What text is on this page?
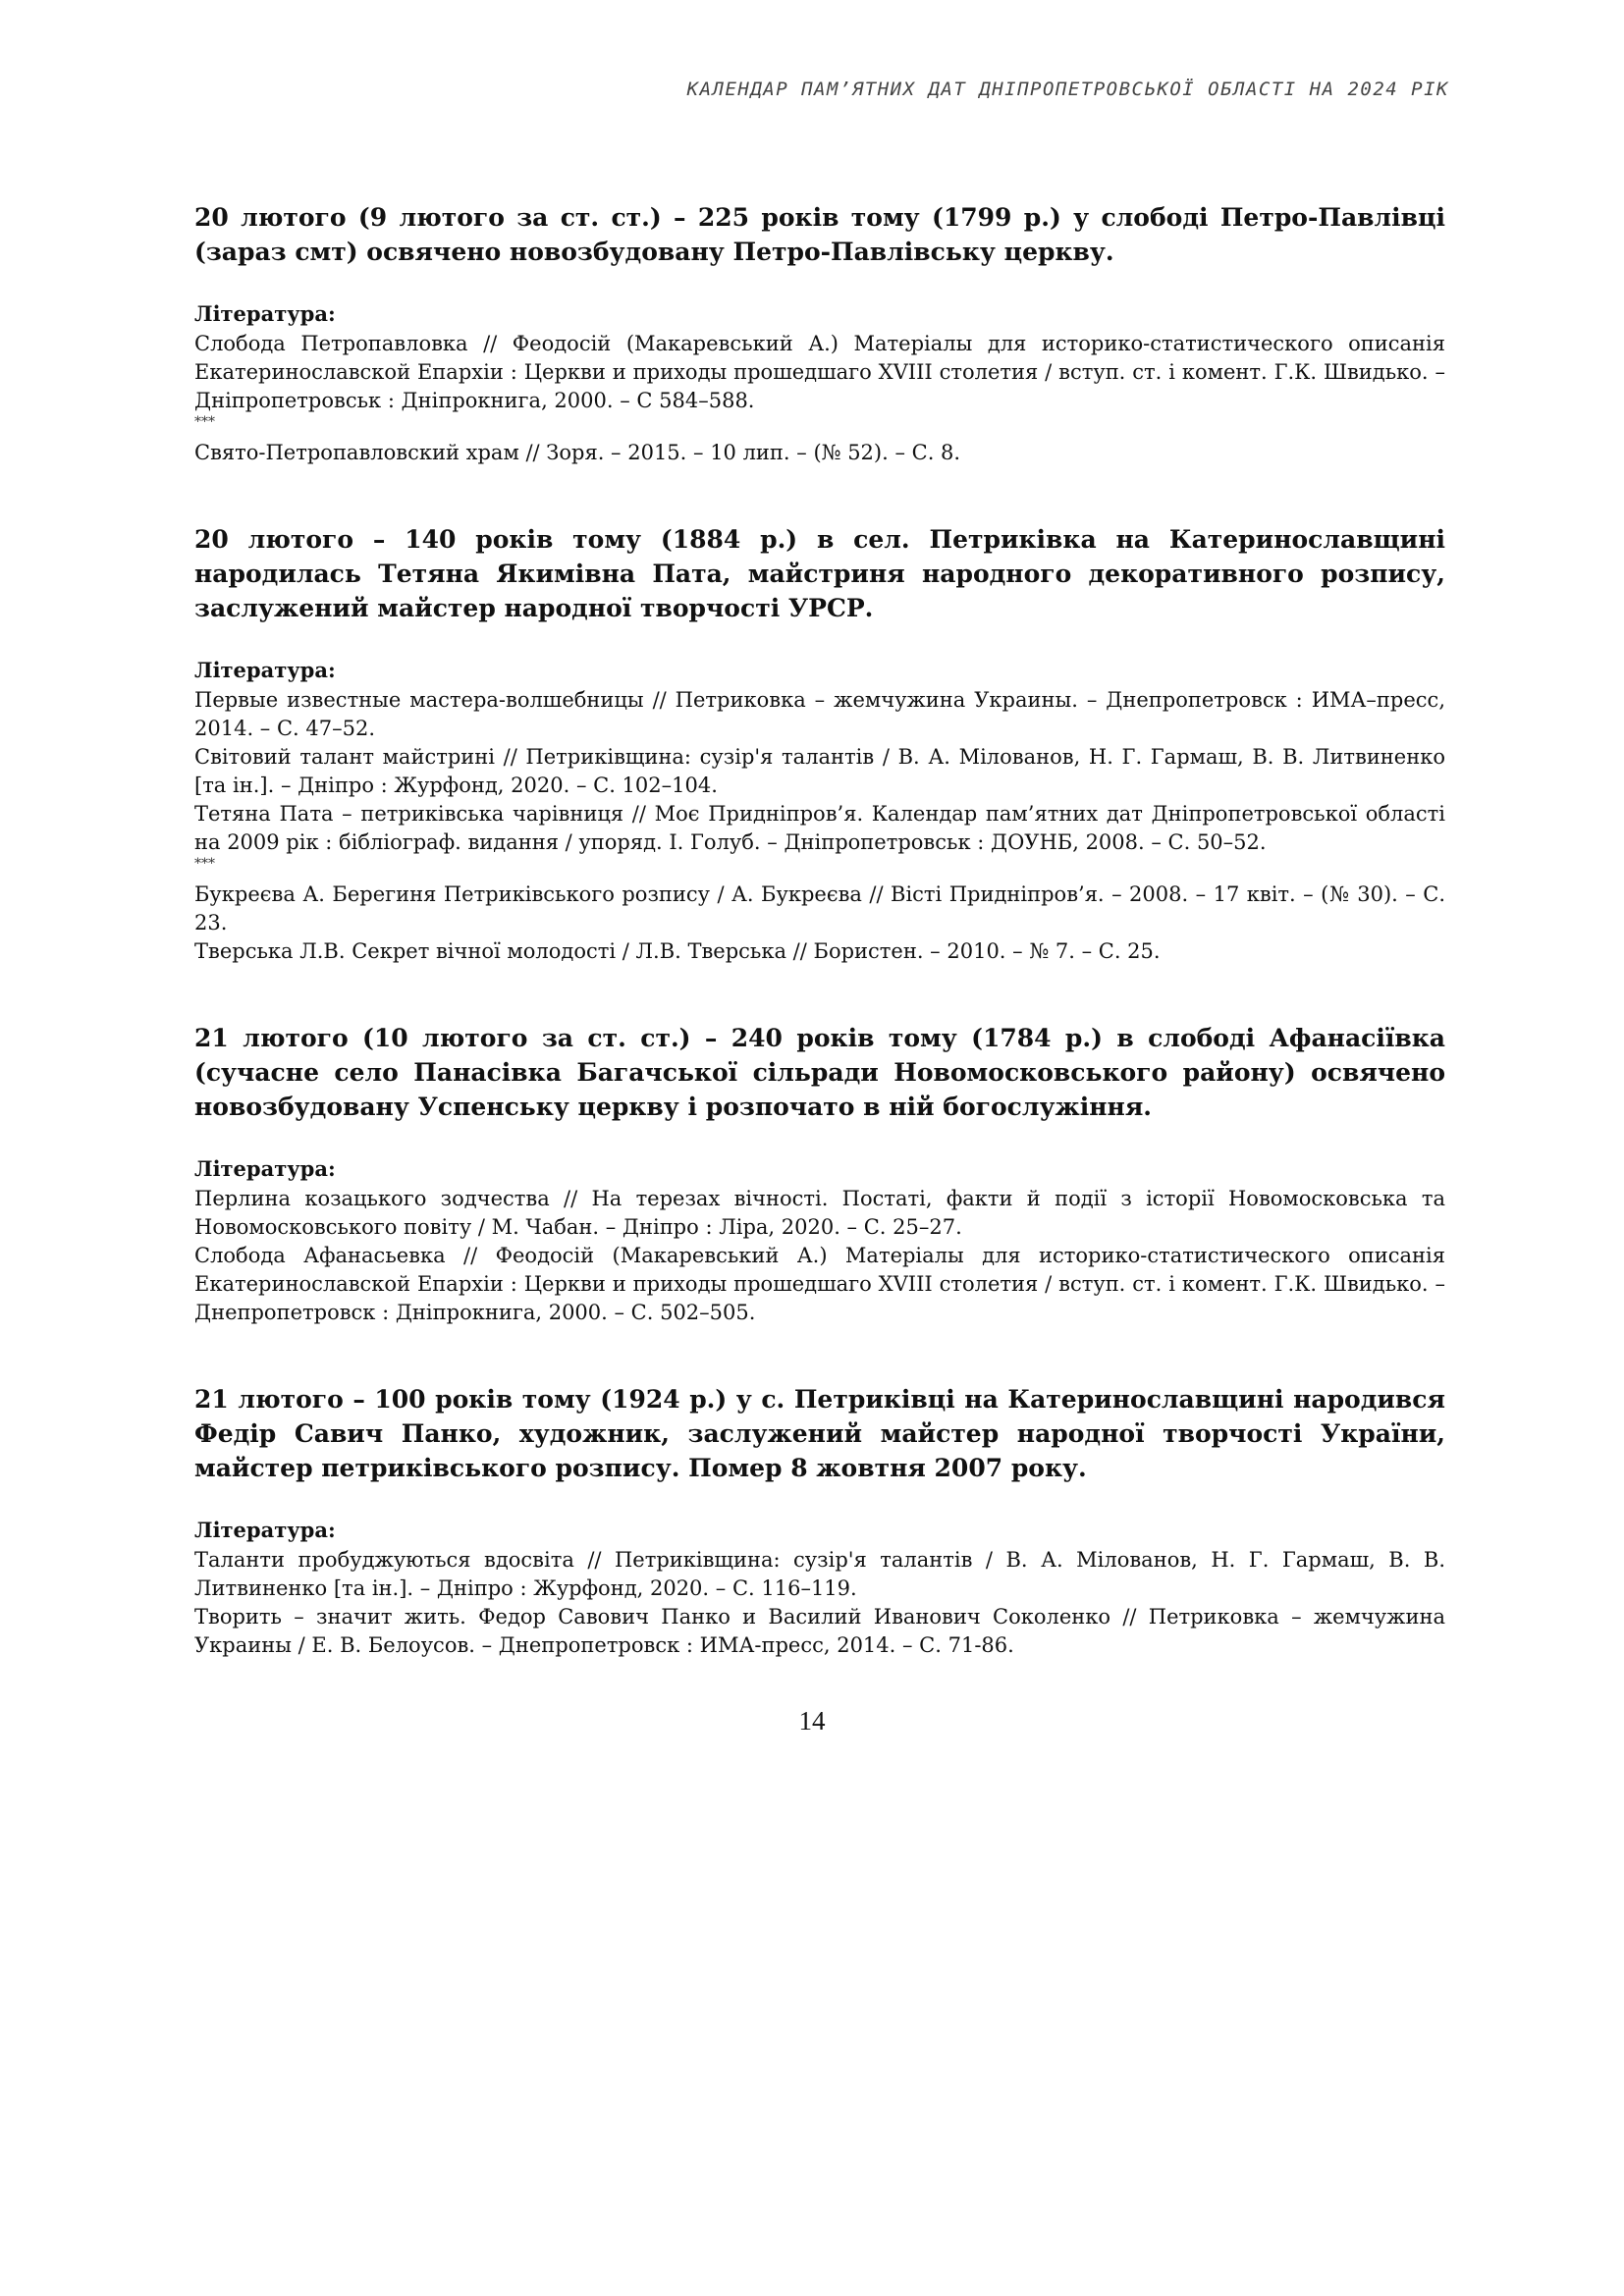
КАЛЕНДАР ПАМ’ЯТНИХ ДАТ ДНІПРОПЕТРОВСЬКОЇ ОБЛАСТІ НА 2024 РІК

20 лютого (9 лютого за ст. ст.) – 225 років тому (1799 р.) у слободі Петро-Павлівці (зараз смт) освячено новозбудовану Петро-Павлівську церкву.

Література:

Слобода Петропавловка // Феодосій (Макаревський А.) Матеріалы для историко-статистического описанія Екатеринославской Епархіи : Церкви и приходы прошедшаго XVIII столетия / вступ. ст. і комент. Г.К. Швидько. – Дніпропетровськ : Дніпрокнига, 2000. – С 584–588.

***

Свято-Петропавловский храм // Зоря. – 2015. – 10 лип. – (№ 52). – С. 8.

20 лютого – 140 років тому (1884 р.) в сел. Петриківка на Катеринославщині народилась Тетяна Якимівна Пата, майстриня народного декоративного розпису, заслужений майстер народної творчості УРСР.

Література:

Первые известные мастера-волшебницы // Петриковка – жемчужина Украины. – Днепропетровск : ИМА–пресс, 2014. – С. 47–52.

Світовий талант майстрині // Петриківщина: сузір'я талантів / В. А. Мілованов, Н. Г. Гармаш, В. В. Литвиненко [та ін.]. – Дніпро : Журфонд, 2020. – С. 102–104.

Тетяна Пата – петриківська чарівниця // Моє Придніпров’я. Календар пам’ятних дат Дніпропетровської області на 2009 рік : бібліограф. видання / упоряд. І. Голуб. – Дніпропетровськ : ДОУНБ, 2008. – С. 50–52.

***

Букреєва А. Берегиня Петриківського розпису / А. Букреєва // Вісті Придніпров’я. – 2008. – 17 квіт. – (№ 30). – С. 23.

Тверська Л.В. Секрет вічної молодості / Л.В. Тверська // Бористен. – 2010. – № 7. – С. 25.

21 лютого (10 лютого за ст. ст.) – 240 років тому (1784 р.) в слободі Афанасіївка (сучасне село Панасівка Багачської сільради Новомосковського району) освячено новозбудовану Успенську церкву і розпочато в ній богослужіння.

Література:

Перлина козацького зодчества // На терезах вічності. Постаті, факти й події з історії Новомосковська та Новомосковського повіту / М. Чабан. – Дніпро : Ліра, 2020. – С. 25–27.

Слобода Афанасьевка // Феодосій (Макаревський А.) Матеріалы для историко-статистического описанія Екатеринославской Епархіи : Церкви и приходы прошедшаго XVIII столетия / вступ. ст. і комент. Г.К. Швидько. – Днепропетровск : Дніпрокнига, 2000. – С. 502–505.

21 лютого – 100 років тому (1924 р.) у с. Петриківці на Катеринославщині народився Федір Савич Панко, художник, заслужений майстер народної творчості України, майстер петриківського розпису. Помер 8 жовтня 2007 року.

Література:

Таланти пробуджуються вдосвіта // Петриківщина: сузір'я талантів / В. А. Мілованов, Н. Г. Гармаш, В. В. Литвиненко [та ін.]. – Дніпро : Журфонд, 2020. – С. 116–119.

Творить – значит жить. Федор Савович Панко и Василий Иванович Соколенко // Петриковка – жемчужина Украины / Е. В. Белоусов. – Днепропетровск : ИМА-пресс, 2014. – С. 71-86.

14
